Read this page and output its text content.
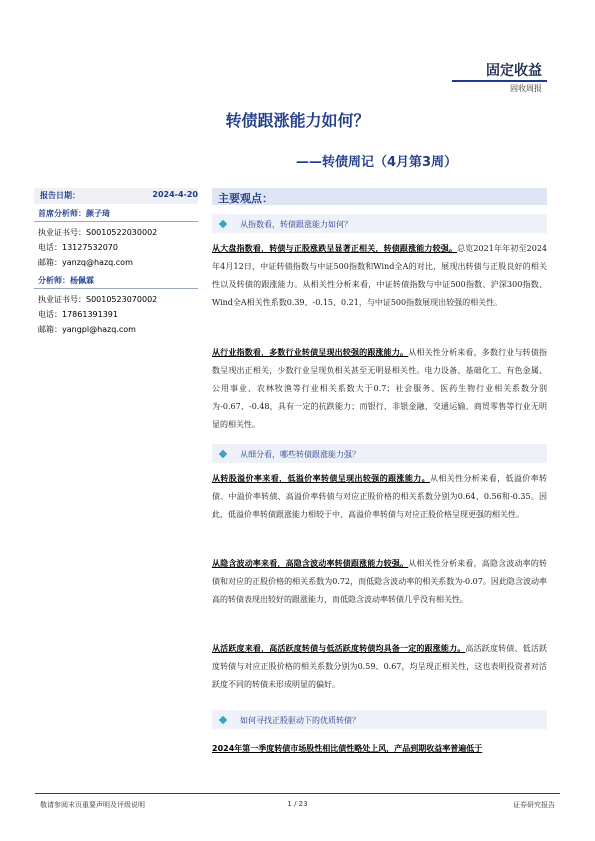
固定收益
固收周报
转债跟涨能力如何？
——转债周记（4月第3周）
报告日期：	2024-4-20
首席分析师：颜子琦
执业证书号：S0010522030002
电话：13127532070
邮箱：yanzq@hazq.com
分析师：杨佩霖
执业证书号：S0010523070002
电话：17861391391
邮箱：yangpl@hazq.com
主要观点：
从指数看，转债跟涨能力如何？
从大盘指数看，转债与正股涨跌呈显著正相关，转债跟涨能力较强。总览2021年年初至2024年4月12日，中证转债指数与中证500指数和Wind全A的对比，展现出转债与正股良好的相关性以及转债的跟涨能力。从相关性分析来看，中证转债指数与中证500指数、沪深300指数、Wind全A相关性系数0.39、-0.15、0.21，与中证500指数展现出较强的相关性。
从行业指数看，多数行业转债呈现出较强的跟涨能力。从相关性分析来看，多数行业与转债指数呈现出正相关，少数行业呈现负相关甚至无明显相关性。电力设备、基础化工、有色金属、公用事业、农林牧渔等行业相关系数大于0.7；社会服务、医药生物行业相关系数分别为-0.67、-0.48，具有一定的抗跌能力；而银行、非银金融、交通运输、商贸零售等行业无明显的相关性。
从细分看，哪些转债跟涨能力强？
从转股溢价率来看，低溢价率转债呈现出较强的跟涨能力。从相关性分析来看，低溢价率转债、中溢价率转债、高溢价率转债与对应正股价格的相关系数分别为0.64、0.56和-0.35。因此，低溢价率转债跟涨能力相较于中、高溢价率转债与对应正股价格呈现更强的相关性。
从隐含波动率来看，高隐含波动率转债跟涨能力较强。从相关性分析来看，高隐含波动率的转债和对应的正股价格的相关系数为0.72，而低隐含波动率的相关系数为-0.07。因此隐含波动率高的转债表现出较好的跟涨能力，而低隐含波动率转债几乎没有相关性。
从活跃度来看，高活跃度转债与低活跃度转债均具备一定的跟涨能力。高活跃度转债、低活跃度转债与对应正股价格的相关系数分别为0.59、0.67，均呈现正相关性，这也表明投资者对活跃度不同的转债未形成明显的偏好。
如何寻找正股驱动下的优质转债？
2024年第一季度转债市场股性相比债性略处上风，产品到期收益率普遍低于
敬请参阅末页重要声明及评级说明	1 / 23	证券研究报告
